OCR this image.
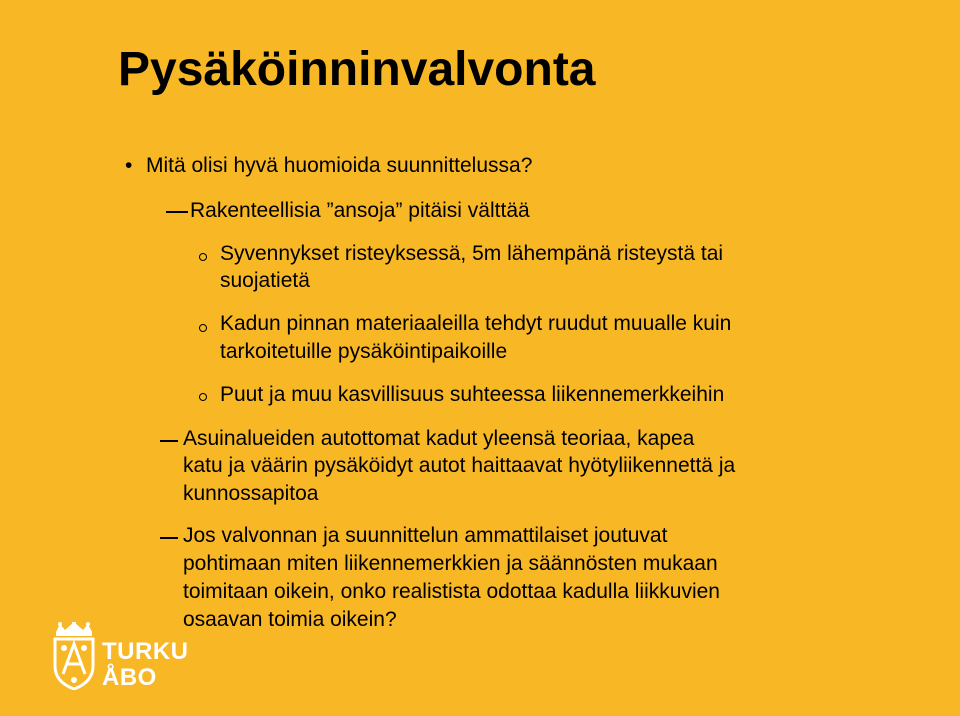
Pysäköinninvalvonta
• Mitä olisi hyvä huomioida suunnittelussa?
Rakenteellisia ”ansoja” pitäisi välttää
Syvennykset risteyksessä, 5m lähempänä risteystä tai
suojatietä
Kadun pinnan materiaaleilla tehdyt ruudut muualle kuin
tarkoitetuille pysäköintipaikoille
Puut ja muu kasvillisuus suhteessa liikennemerkkeihin
Asuinalueiden autottomat kadut yleensä teoriaa, kapea
katu ja väärin pysäköidyt autot haittaavat hyötyliikennettä ja
kunnossapitoa
Jos valvonnan ja suunnittelun ammattilaiset joutuvat
pohtimaan miten liikennemerkkien ja säännösten mukaan
toimitaan oikein, onko realistista odottaa kadulla liikkuvien
osaavan toimia oikein?
TURKU
ÅBO
